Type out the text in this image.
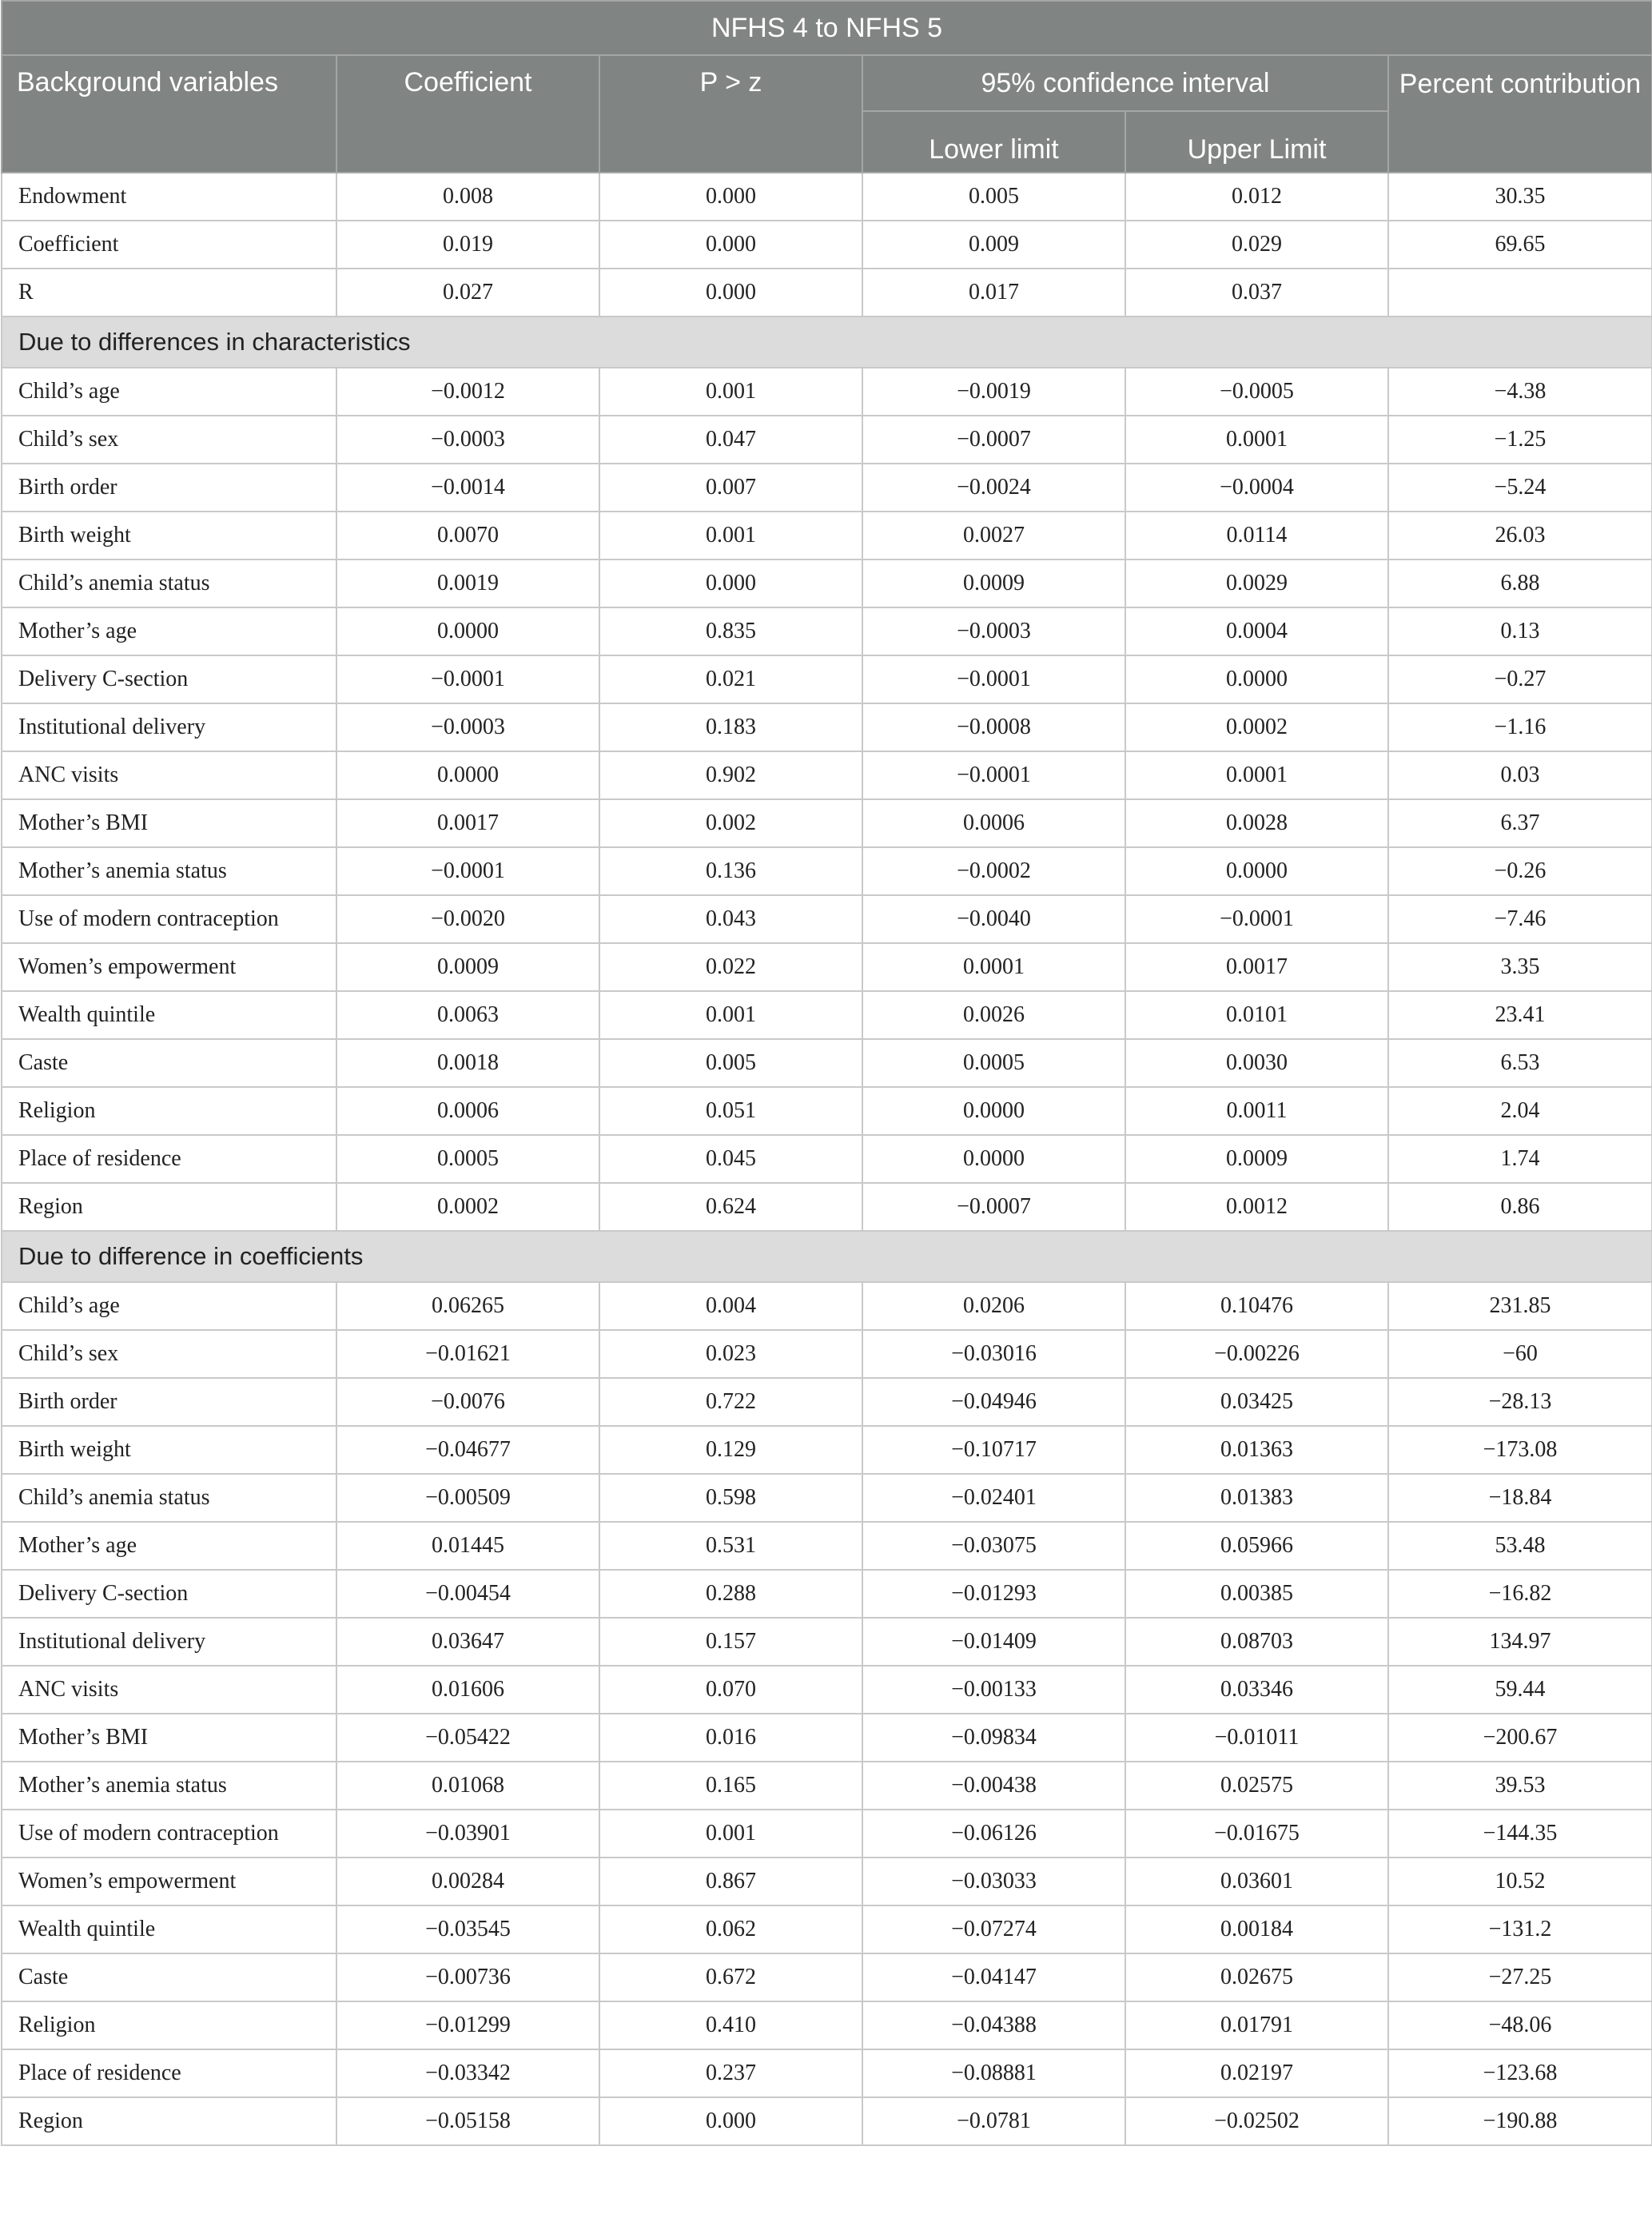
NFHS 4 to NFHS 5					
Background variables	Coefficient	P > z	95% confidence interval		Percent contribution
			Lower limit	Upper Limit	
Endowment	0.008	0.000	0.005	0.012	30.35
Coefficient	0.019	0.000	0.009	0.029	69.65
R	0.027	0.000	0.017	0.037	
Due to differences in characteristics					
Child’s age	−0.0012	0.001	−0.0019	−0.0005	−4.38
Child’s sex	−0.0003	0.047	−0.0007	0.0001	−1.25
Birth order	−0.0014	0.007	−0.0024	−0.0004	−5.24
Birth weight	0.0070	0.001	0.0027	0.0114	26.03
Child’s anemia status	0.0019	0.000	0.0009	0.0029	6.88
Mother’s age	0.0000	0.835	−0.0003	0.0004	0.13
Delivery C-section	−0.0001	0.021	−0.0001	0.0000	−0.27
Institutional delivery	−0.0003	0.183	−0.0008	0.0002	−1.16
ANC visits	0.0000	0.902	−0.0001	0.0001	0.03
Mother’s BMI	0.0017	0.002	0.0006	0.0028	6.37
Mother’s anemia status	−0.0001	0.136	−0.0002	0.0000	−0.26
Use of modern contraception	−0.0020	0.043	−0.0040	−0.0001	−7.46
Women’s empowerment	0.0009	0.022	0.0001	0.0017	3.35
Wealth quintile	0.0063	0.001	0.0026	0.0101	23.41
Caste	0.0018	0.005	0.0005	0.0030	6.53
Religion	0.0006	0.051	0.0000	0.0011	2.04
Place of residence	0.0005	0.045	0.0000	0.0009	1.74
Region	0.0002	0.624	−0.0007	0.0012	0.86
Due to difference in coefficients					
Child’s age	0.06265	0.004	0.0206	0.10476	231.85
Child’s sex	−0.01621	0.023	−0.03016	−0.00226	−60
Birth order	−0.0076	0.722	−0.04946	0.03425	−28.13
Birth weight	−0.04677	0.129	−0.10717	0.01363	−173.08
Child’s anemia status	−0.00509	0.598	−0.02401	0.01383	−18.84
Mother’s age	0.01445	0.531	−0.03075	0.05966	53.48
Delivery C-section	−0.00454	0.288	−0.01293	0.00385	−16.82
Institutional delivery	0.03647	0.157	−0.01409	0.08703	134.97
ANC visits	0.01606	0.070	−0.00133	0.03346	59.44
Mother’s BMI	−0.05422	0.016	−0.09834	−0.01011	−200.67
Mother’s anemia status	0.01068	0.165	−0.00438	0.02575	39.53
Use of modern contraception	−0.03901	0.001	−0.06126	−0.01675	−144.35
Women’s empowerment	0.00284	0.867	−0.03033	0.03601	10.52
Wealth quintile	−0.03545	0.062	−0.07274	0.00184	−131.2
Caste	−0.00736	0.672	−0.04147	0.02675	−27.25
Religion	−0.01299	0.410	−0.04388	0.01791	−48.06
Place of residence	−0.03342	0.237	−0.08881	0.02197	−123.68
Region	−0.05158	0.000	−0.0781	−0.02502	−190.88
